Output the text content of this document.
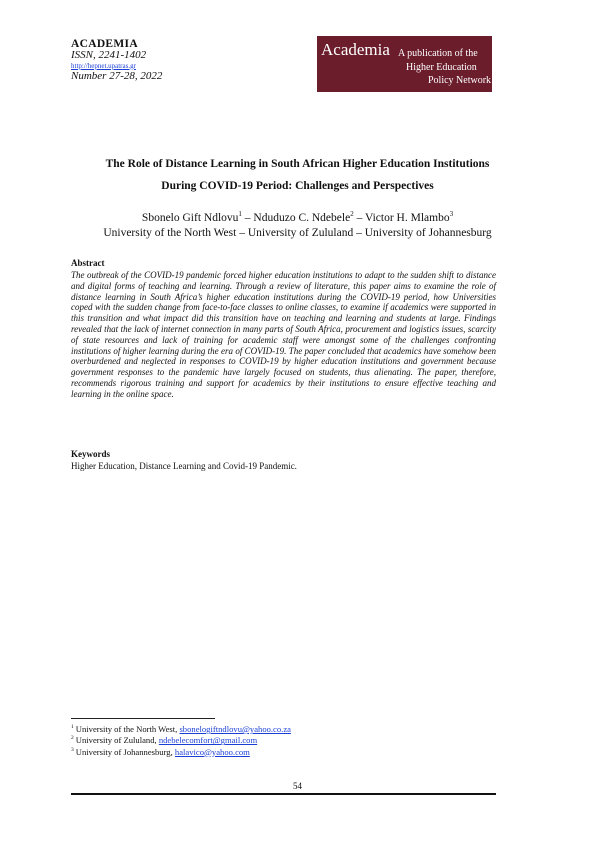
ACADEMIA
ISSN, 2241-1402
http://hepnet.upatras.gr
Number 27-28, 2022
Academia A publication of the
Higher Education
Policy Network
The Role of Distance Learning in South African Higher Education Institutions
During COVID-19 Period: Challenges and Perspectives
Sbonelo Gift Ndlovu$^1$ – Nduduzo C. Ndebele$^2$ – Victor H. Mlambo$^3$
University of the North West – University of Zululand – University of Johannesburg
Abstract
The outbreak of the COVID-19 pandemic forced higher education institutions to adapt to the sudden shift to distance and digital forms of teaching and learning. Through a review of literature, this paper aims to examine the role of distance learning in South Africa’s higher education institutions during the COVID-19 period, how Universities coped with the sudden change from face-to-face classes to online classes, to examine if academics were supported in this transition and what impact did this transition have on teaching and learning and students at large. Findings revealed that the lack of internet connection in many parts of South Africa, procurement and logistics issues, scarcity of state resources and lack of training for academic staff were amongst some of the challenges confronting institutions of higher learning during the era of COVID-19. The paper concluded that academics have somehow been overburdened and neglected in responses to COVID-19 by higher education institutions and government because government responses to the pandemic have largely focused on students, thus alienating. The paper, therefore, recommends rigorous training and support for academics by their institutions to ensure effective teaching and learning in the online space.
Keywords
Higher Education, Distance Learning and Covid-19 Pandemic.
$^1$ University of the North West, sbonelogiftndlovu@yahoo.co.za
$^2$ University of Zululand, ndebelecomfort@gmail.com
$^3$ University of Johannesburg, halavico@yahoo.com
54
